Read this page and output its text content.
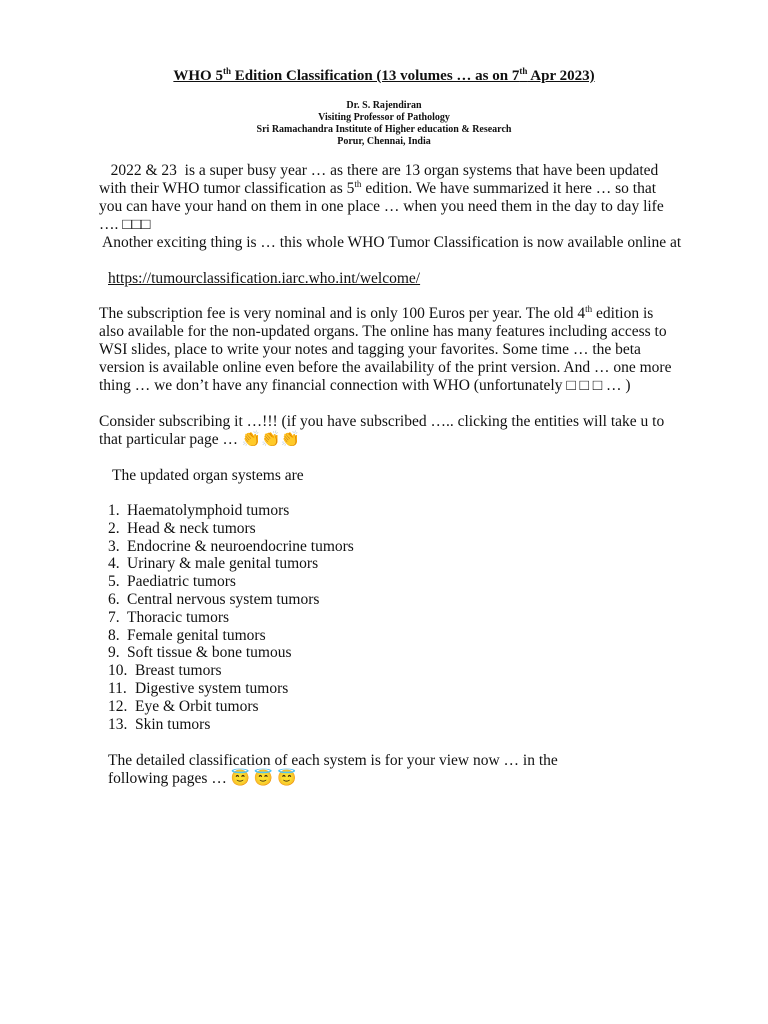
WHO 5th Edition Classification (13 volumes … as on 7th Apr 2023)
Dr. S. Rajendiran
Visiting Professor of Pathology
Sri Ramachandra Institute of Higher education & Research
Porur, Chennai, India
2022 & 23  is a super busy year … as there are 13 organ systems that have been updated with their WHO tumor classification as 5th edition. We have summarized it here … so that you can have your hand on them in one place … when you need them in the day to day life …. □□□
Another exciting thing is … this whole WHO Tumor Classification is now available online at
https://tumourclassification.iarc.who.int/welcome/
The subscription fee is very nominal and is only 100 Euros per year. The old 4th edition is also available for the non-updated organs. The online has many features including access to WSI slides, place to write your notes and tagging your favorites. Some time … the beta version is available online even before the availability of the print version. And … one more thing … we don’t have any financial connection with WHO (unfortunately □ □ □ … )
Consider subscribing it …!!! (if you have subscribed ….. clicking the entities will take u to that particular page … 👏👏👏
The updated organ systems are
1. Haematolymphoid tumors
2. Head & neck tumors
3. Endocrine & neuroendocrine tumors
4. Urinary & male genital tumors
5. Paediatric tumors
6. Central nervous system tumors
7. Thoracic tumors
8. Female genital tumors
9. Soft tissue & bone tumous
10. Breast tumors
11. Digestive system tumors
12. Eye & Orbit tumors
13. Skin tumors
The detailed classification of each system is for your view now … in the following pages … 😇 😇 😇
